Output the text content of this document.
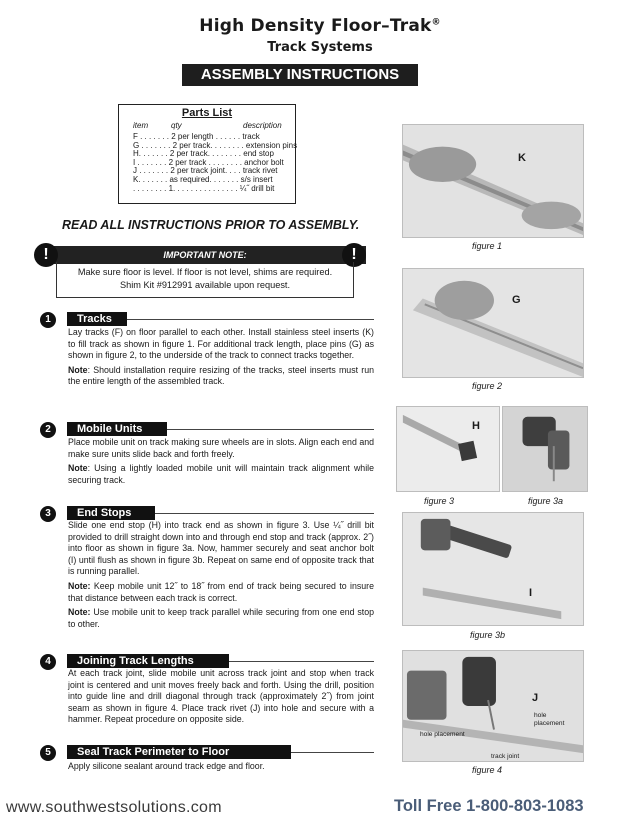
High Density Floor–Trak®
Track Systems
ASSEMBLY INSTRUCTIONS
Parts List
item	qty	description
F . . . . . . . 2 per length . . . . . . track
G . . . . . . . 2 per track. . . . . . . . extension pins
H. . . . . . . 2 per track. . . . . . . . end stop
I . . . . . . . 2 per track . . . . . . . . anchor bolt
J . . . . . . . 2 per track joint. . . . track rivet
K. . . . . . . as required. . . . . . . s/s insert
. . . . . . . . 1. . . . . . . . . . . . . . . ¼˝ drill bit
READ ALL INSTRUCTIONS PRIOR TO ASSEMBLY.
IMPORTANT NOTE:
!	!
Make sure floor is level. If floor is not level, shims are required.
Shim Kit #912991 available upon request.
1	Tracks
Lay tracks (F) on floor parallel to each other. Install stainless steel inserts (K) to fill track as shown in figure 1. For additional track length, place pins (G) as shown in figure 2, to the underside of the track to connect tracks together.
Note: Should installation require resizing of the tracks, steel inserts must run the entire length of the assembled track.
2	Mobile Units
Place mobile unit on track making sure wheels are in slots. Align each end and make sure units slide back and forth freely.
Note: Using a lightly loaded mobile unit will maintain track alignment while securing track.
3	End Stops
Slide one end stop (H) into track end as shown in figure 3. Use ¼˝ drill bit provided to drill straight down into and through end stop and track (approx. 2˝) into floor as shown in figure 3a. Now, hammer securely and seat anchor bolt (I) until flush as shown in figure 3b. Repeat on same end of opposite track that is running parallel.
Note: Keep mobile unit 12˝ to 18˝ from end of track being secured to insure that distance between each track is correct.
Note: Use mobile unit to keep track parallel while securing from one end stop to other.
4	Joining Track Lengths
At each track joint, slide mobile unit across track joint and stop when track joint is centered and unit moves freely back and forth. Using the drill, position into guide line and drill diagonal through track (approximately 2˝) from joint seam as shown in figure 4. Place track rivet (J) into hole and secure with a hammer. Repeat procedure on opposite side.
5	Seal Track Perimeter to Floor
Apply silicone sealant around track edge and floor.
K
figure 1
G
figure 2
H
figure 3	figure 3a
I
figure 3b
J
hole
placement
hole placement
track joint
figure 4
www.southwestsolutions.com	Toll Free 1-800-803-1083
